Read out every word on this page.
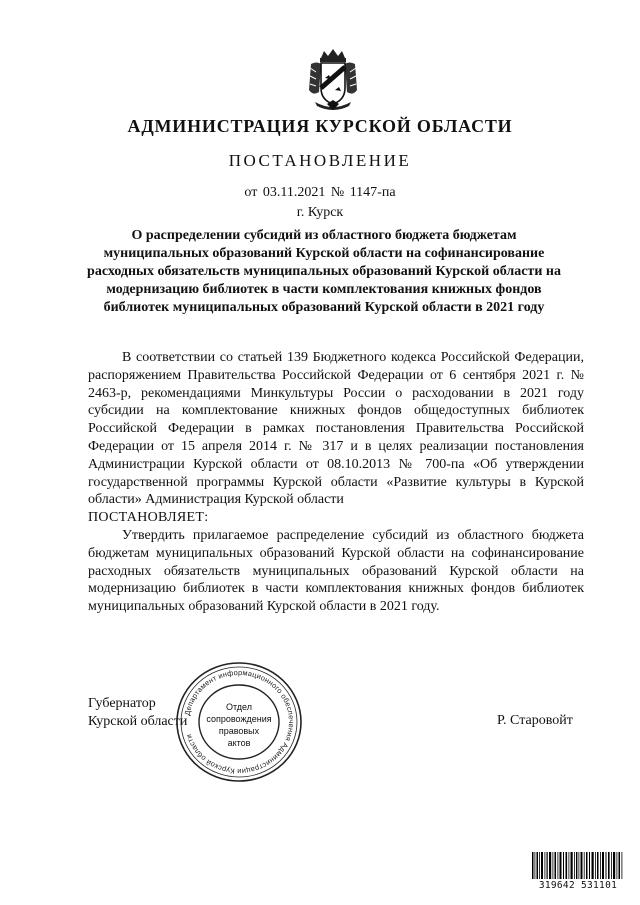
АДМИНИСТРАЦИЯ КУРСКОЙ ОБЛАСТИ
ПОСТАНОВЛЕНИЕ
от 03.11.2021 № 1147-па
г. Курск
О распределении субсидий из областного бюджета бюджетам муниципальных образований Курской области на софинансирование расходных обязательств муниципальных образований Курской области на модернизацию библиотек в части комплектования книжных фондов библиотек муниципальных образований Курской области в 2021 году

В соответствии со статьей 139 Бюджетного кодекса Российской Федерации, распоряжением Правительства Российской Федерации от 6 сентября 2021 г. № 2463-р, рекомендациями Минкультуры России о расходовании в 2021 году субсидии на комплектование книжных фондов общедоступных библиотек Российской Федерации в рамках постановления Правительства Российской Федерации от 15 апреля 2014 г. № 317 и в целях реализации постановления Администрации Курской области от 08.10.2013 № 700-па «Об утверждении государственной программы Курской области «Развитие культуры в Курской области» Администрация Курской области

ПОСТАНОВЛЯЕТ:

Утвердить прилагаемое распределение субсидий из областного бюджета бюджетам муниципальных образований Курской области на софинансирование расходных обязательств муниципальных образований Курской области на модернизацию библиотек в части комплектования книжных фондов библиотек муниципальных образований Курской области в 2021 году.

Губернатор
Курской области	Р. Старовойт
Департамент информационного обеспечения Администрации Курской области
Отдел
сопровождения
правовых
актов
319642 531101
